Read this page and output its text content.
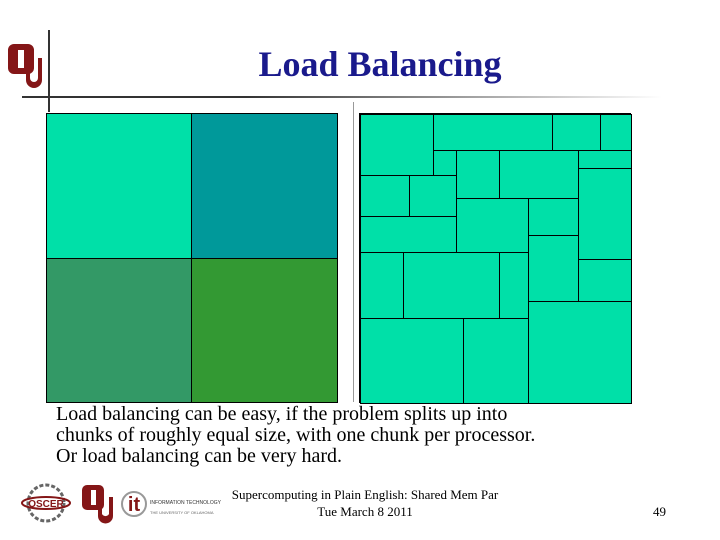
Load Balancing
Load balancing can be easy, if the problem splits up into
chunks of roughly equal size, with one chunk per processor.
Or load balancing can be very hard.
OSCER	it INFORMATION TECHNOLOGY
THE UNIVERSITY OF OKLAHOMA
Supercomputing in Plain English: Shared Mem Par
Tue March 8 2011	49
